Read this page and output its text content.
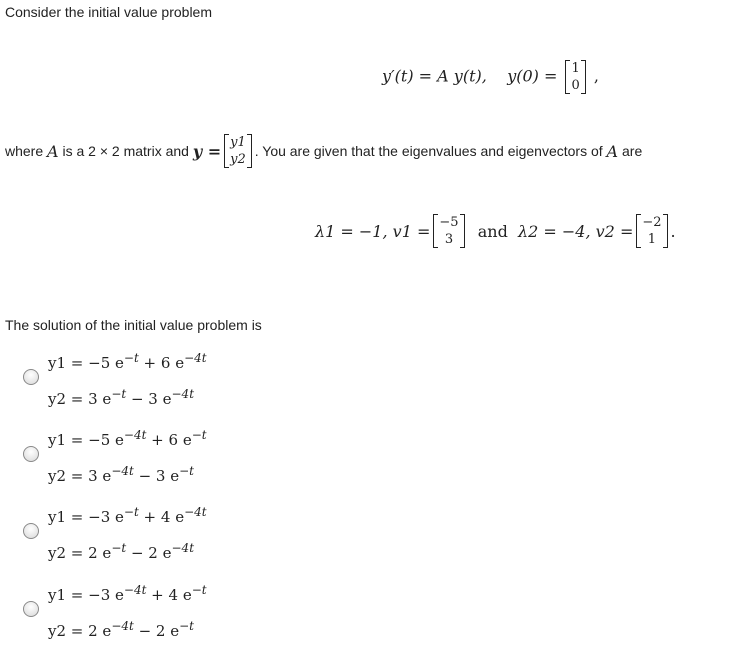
Consider the initial value problem
y′(t) = A y(t), y(0) = 1
0 ,
where
A
is a 2 × 2 matrix and
y = y1
y2
. You are given that the eigenvalues and eigenvectors of
A
are
λ1 = −1, v1 = −5
3
	and
λ2 = −4, v2 = −2
1 .
The solution of the initial value problem is
y1 = −5 $e^{-t} + 6$ $e^{-4t}$
y2 = 3 $e^{-t} - 3$ $e^{-4t}$
y1 = −5 $e^{-4t} + 6$ $e^{-t}$
y2 = 3 $e^{-4t} - 3$ $e^{-t}$
y1 = −3 $e^{-t} + 4$ $e^{-4t}$
y2 = 2 $e^{-t} - 2$ $e^{-4t}$
y1 = −3 $e^{-4t} + 4$ $e^{-t}$
y2 = 2 $e^{-4t} - 2$ $e^{-t}$
